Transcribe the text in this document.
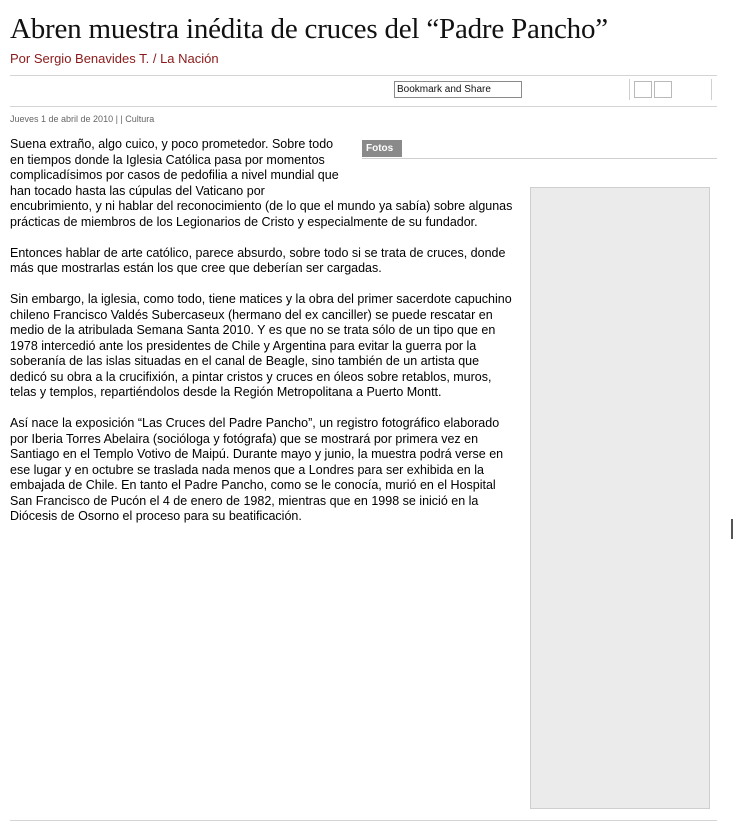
Abren muestra inédita de cruces del “Padre Pancho”
Por Sergio Benavides T. / La Nación
Bookmark and Share
Jueves 1 de abril de 2010 | | Cultura
Fotos

Suena extraño, algo cuico, y poco prometedor. Sobre todo en tiempos donde la Iglesia Católica pasa por momentos complicadísimos por casos de pedofilia a nivel mundial que han tocado hasta las cúpulas del Vaticano por encubrimiento, y ni hablar del reconocimiento (de lo que el mundo ya sabía) sobre algunas prácticas de miembros de los Legionarios de Cristo y especialmente de su fundador.

Entonces hablar de arte católico, parece absurdo, sobre todo si se trata de cruces, donde más que mostrarlas están los que cree que deberían ser cargadas.

Sin embargo, la iglesia, como todo, tiene matices y la obra del primer sacerdote capuchino chileno Francisco Valdés Subercaseux (hermano del ex canciller) se puede rescatar en medio de la atribulada Semana Santa 2010. Y es que no se trata sólo de un tipo que en 1978 intercedió ante los presidentes de Chile y Argentina para evitar la guerra por la soberanía de las islas situadas en el canal de Beagle, sino también de un artista que dedicó su obra a la crucifixión, a pintar cristos y cruces en óleos sobre retablos, muros, telas y templos, repartiéndolos desde la Región Metropolitana a Puerto Montt.

Así nace la exposición “Las Cruces del Padre Pancho”, un registro fotográfico elaborado por Iberia Torres Abelaira (socióloga y fotógrafa) que se mostrará por primera vez en Santiago en el Templo Votivo de Maipú. Durante mayo y junio, la muestra podrá verse en ese lugar y en octubre se traslada nada menos que a Londres para ser exhibida en la embajada de Chile. En tanto el Padre Pancho, como se le conocía, murió en el Hospital San Francisco de Pucón el 4 de enero de 1982, mientras que en 1998 se inició en la Diócesis de Osorno el proceso para su beatificación.
